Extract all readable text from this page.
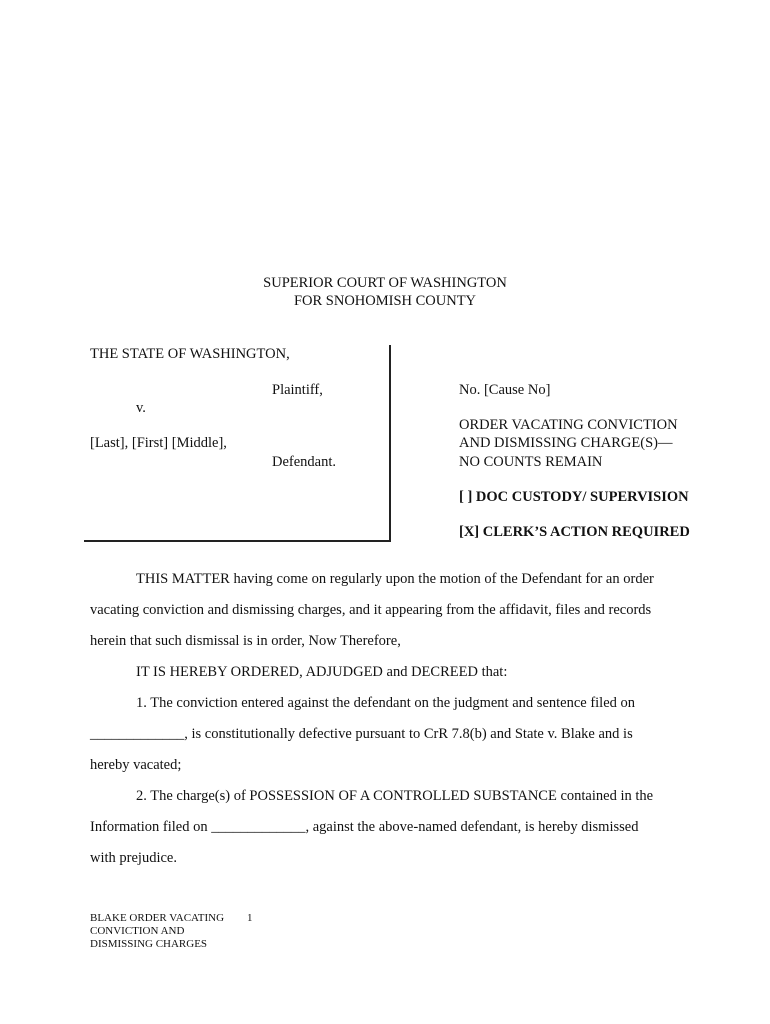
SUPERIOR COURT OF WASHINGTON
FOR SNOHOMISH COUNTY
THE STATE OF WASHINGTON,
Plaintiff,
v.
[Last], [First] [Middle],
Defendant.
No. [Cause No]
ORDER VACATING CONVICTION
AND DISMISSING CHARGE(S)—
NO COUNTS REMAIN
[ ] DOC CUSTODY/ SUPERVISION
[X] CLERK’S ACTION REQUIRED
THIS MATTER having come on regularly upon the motion of the Defendant for an order
vacating conviction and dismissing charges, and it appearing from the affidavit, files and records
herein that such dismissal is in order, Now Therefore,
IT IS HEREBY ORDERED, ADJUDGED and DECREED that:
1. The conviction entered against the defendant on the judgment and sentence filed on
_____________, is constitutionally defective pursuant to CrR 7.8(b) and State v. Blake and is
hereby vacated;
2. The charge(s) of POSSESSION OF A CONTROLLED SUBSTANCE contained in the
Information filed on _____________, against the above-named defendant, is hereby dismissed
with prejudice.
BLAKE ORDER VACATING
CONVICTION AND
DISMISSING CHARGES
1
